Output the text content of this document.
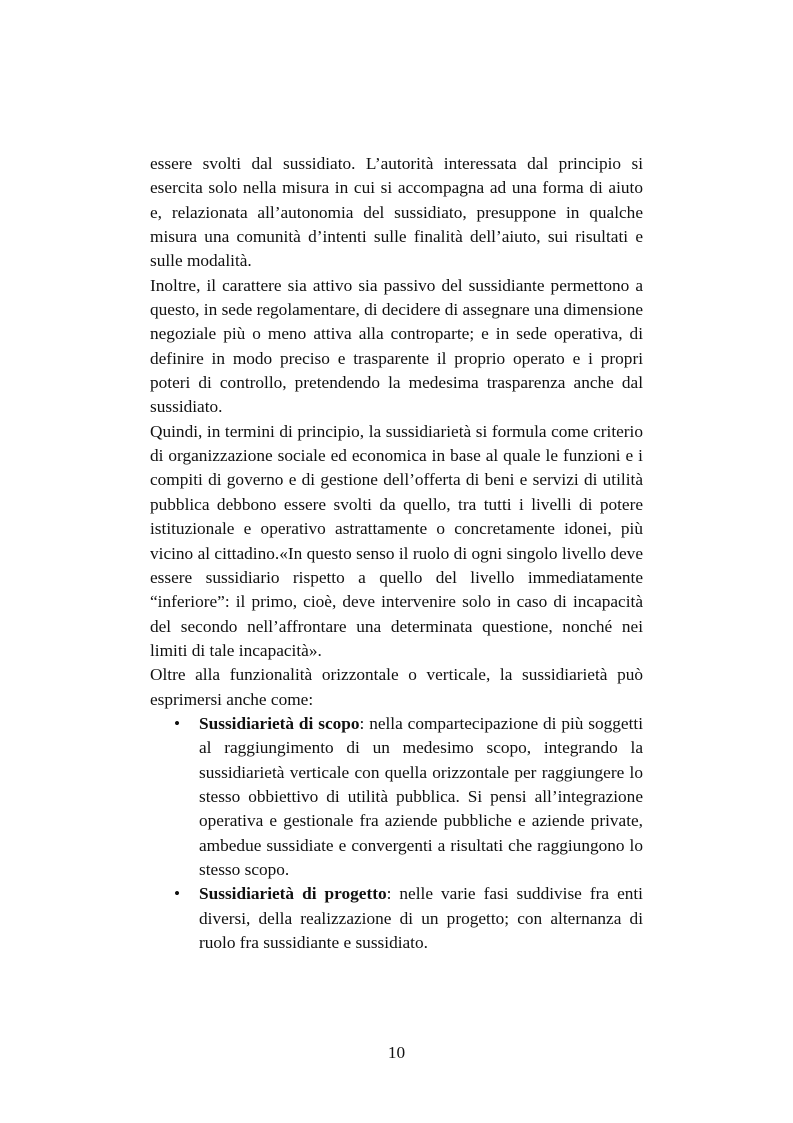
essere svolti dal sussidiato. L’autorità interessata dal principio si esercita solo nella misura in cui si accompagna ad una forma di aiuto e, relazionata all’autonomia del sussidiato, presuppone in qualche misura una comunità d’intenti sulle finalità dell’aiuto, sui risultati e sulle modalità.

Inoltre, il carattere sia attivo sia passivo del sussidiante permettono a questo, in sede regolamentare, di decidere di assegnare una dimensione negoziale più o meno attiva alla controparte; e in sede operativa, di definire in modo preciso e trasparente il proprio operato e i propri poteri di controllo, pretendendo la medesima trasparenza anche dal sussidiato.

Quindi, in termini di principio, la sussidiarietà si formula come criterio di organizzazione sociale ed economica in base al quale le funzioni e i compiti di governo e di gestione dell’offerta di beni e servizi di utilità pubblica debbono essere svolti da quello, tra tutti i livelli di potere istituzionale e operativo astrattamente o concretamente idonei, più vicino al cittadino.«In questo senso il ruolo di ogni singolo livello deve essere sussidiario rispetto a quello del livello immediatamente “inferiore”: il primo, cioè, deve intervenire solo in caso di incapacità del secondo nell’affrontare una determinata questione, nonché nei limiti di tale incapacità».

Oltre alla funzionalità orizzontale o verticale, la sussidiarietà può esprimersi anche come:

• Sussidiarietà di scopo: nella compartecipazione di più soggetti al raggiungimento di un medesimo scopo, integrando la sussidiarietà verticale con quella orizzontale per raggiungere lo stesso obbiettivo di utilità pubblica. Si pensi all’integrazione operativa e gestionale fra aziende pubbliche e aziende private, ambedue sussidiate e convergenti a risultati che raggiungono lo stesso scopo.
• Sussidiarietà di progetto: nelle varie fasi suddivise fra enti diversi, della realizzazione di un progetto; con alternanza di ruolo fra sussidiante e sussidiato.
10
